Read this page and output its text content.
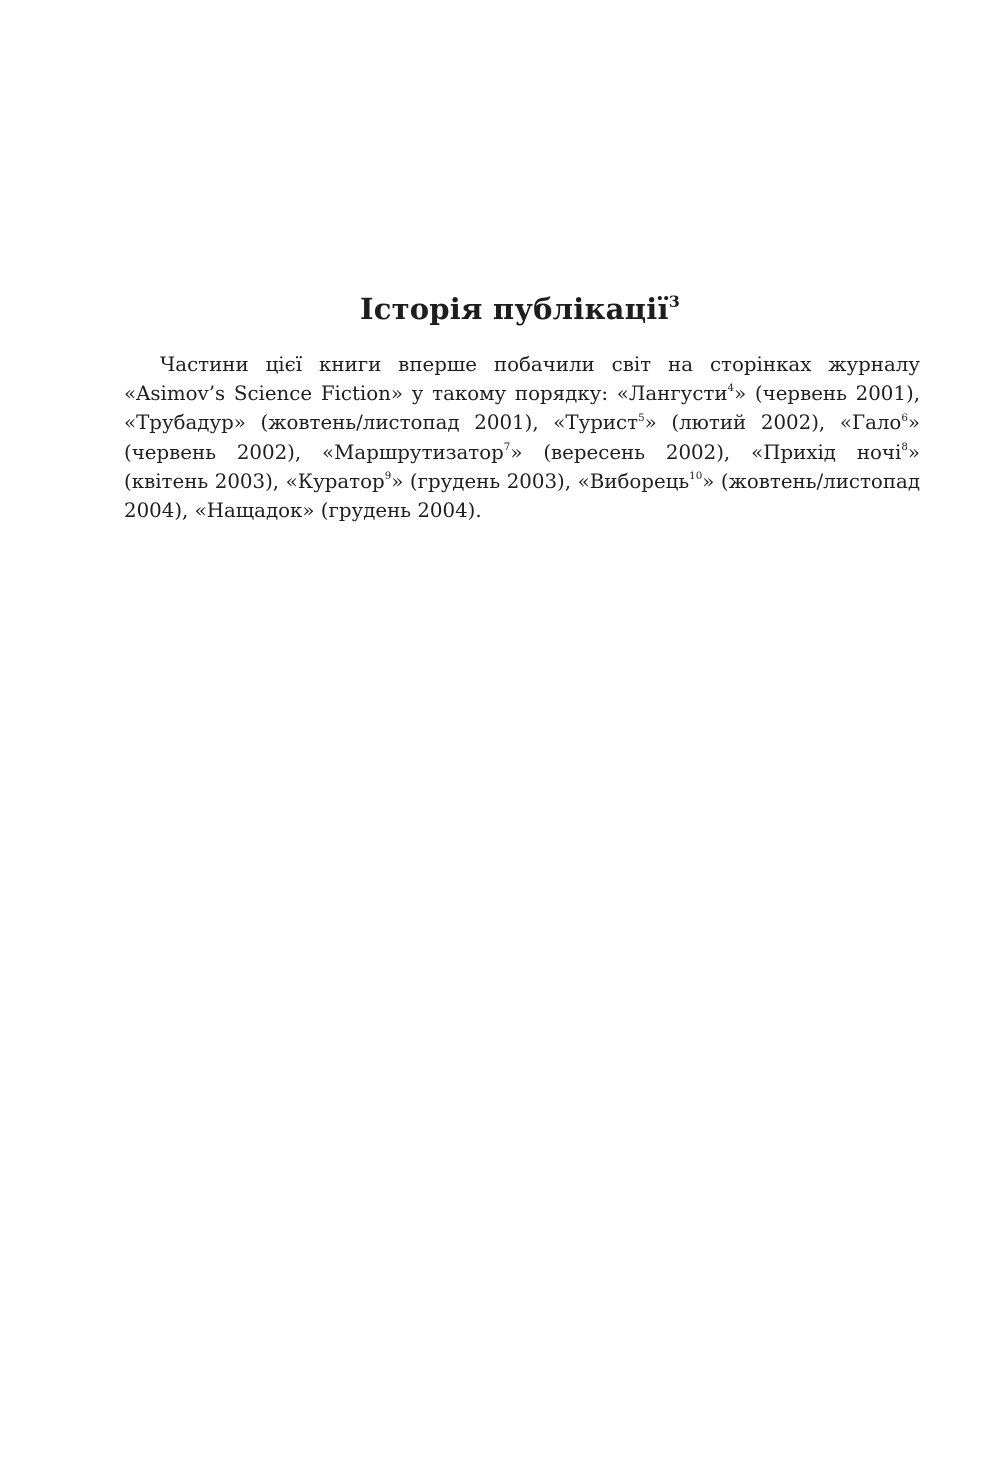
Історія публікації$^3$

Частини цієї книги вперше побачили світ на сторінках журналу «Asimov’s Science Fiction» у такому порядку: «Лангусти$^4$» (червень 2001), «Трубадур» (жовтень/листопад 2001), «Турист$^5$» (лютий 2002), «Гало$^6$» (червень 2002), «Маршрутизатор$^7$» (вересень 2002), «Прихід ночі$^8$» (квітень 2003), «Куратор$^9$» (грудень 2003), «Виборець$^{10}$» (жовтень/листопад 2004), «Нащадок» (грудень 2004).
